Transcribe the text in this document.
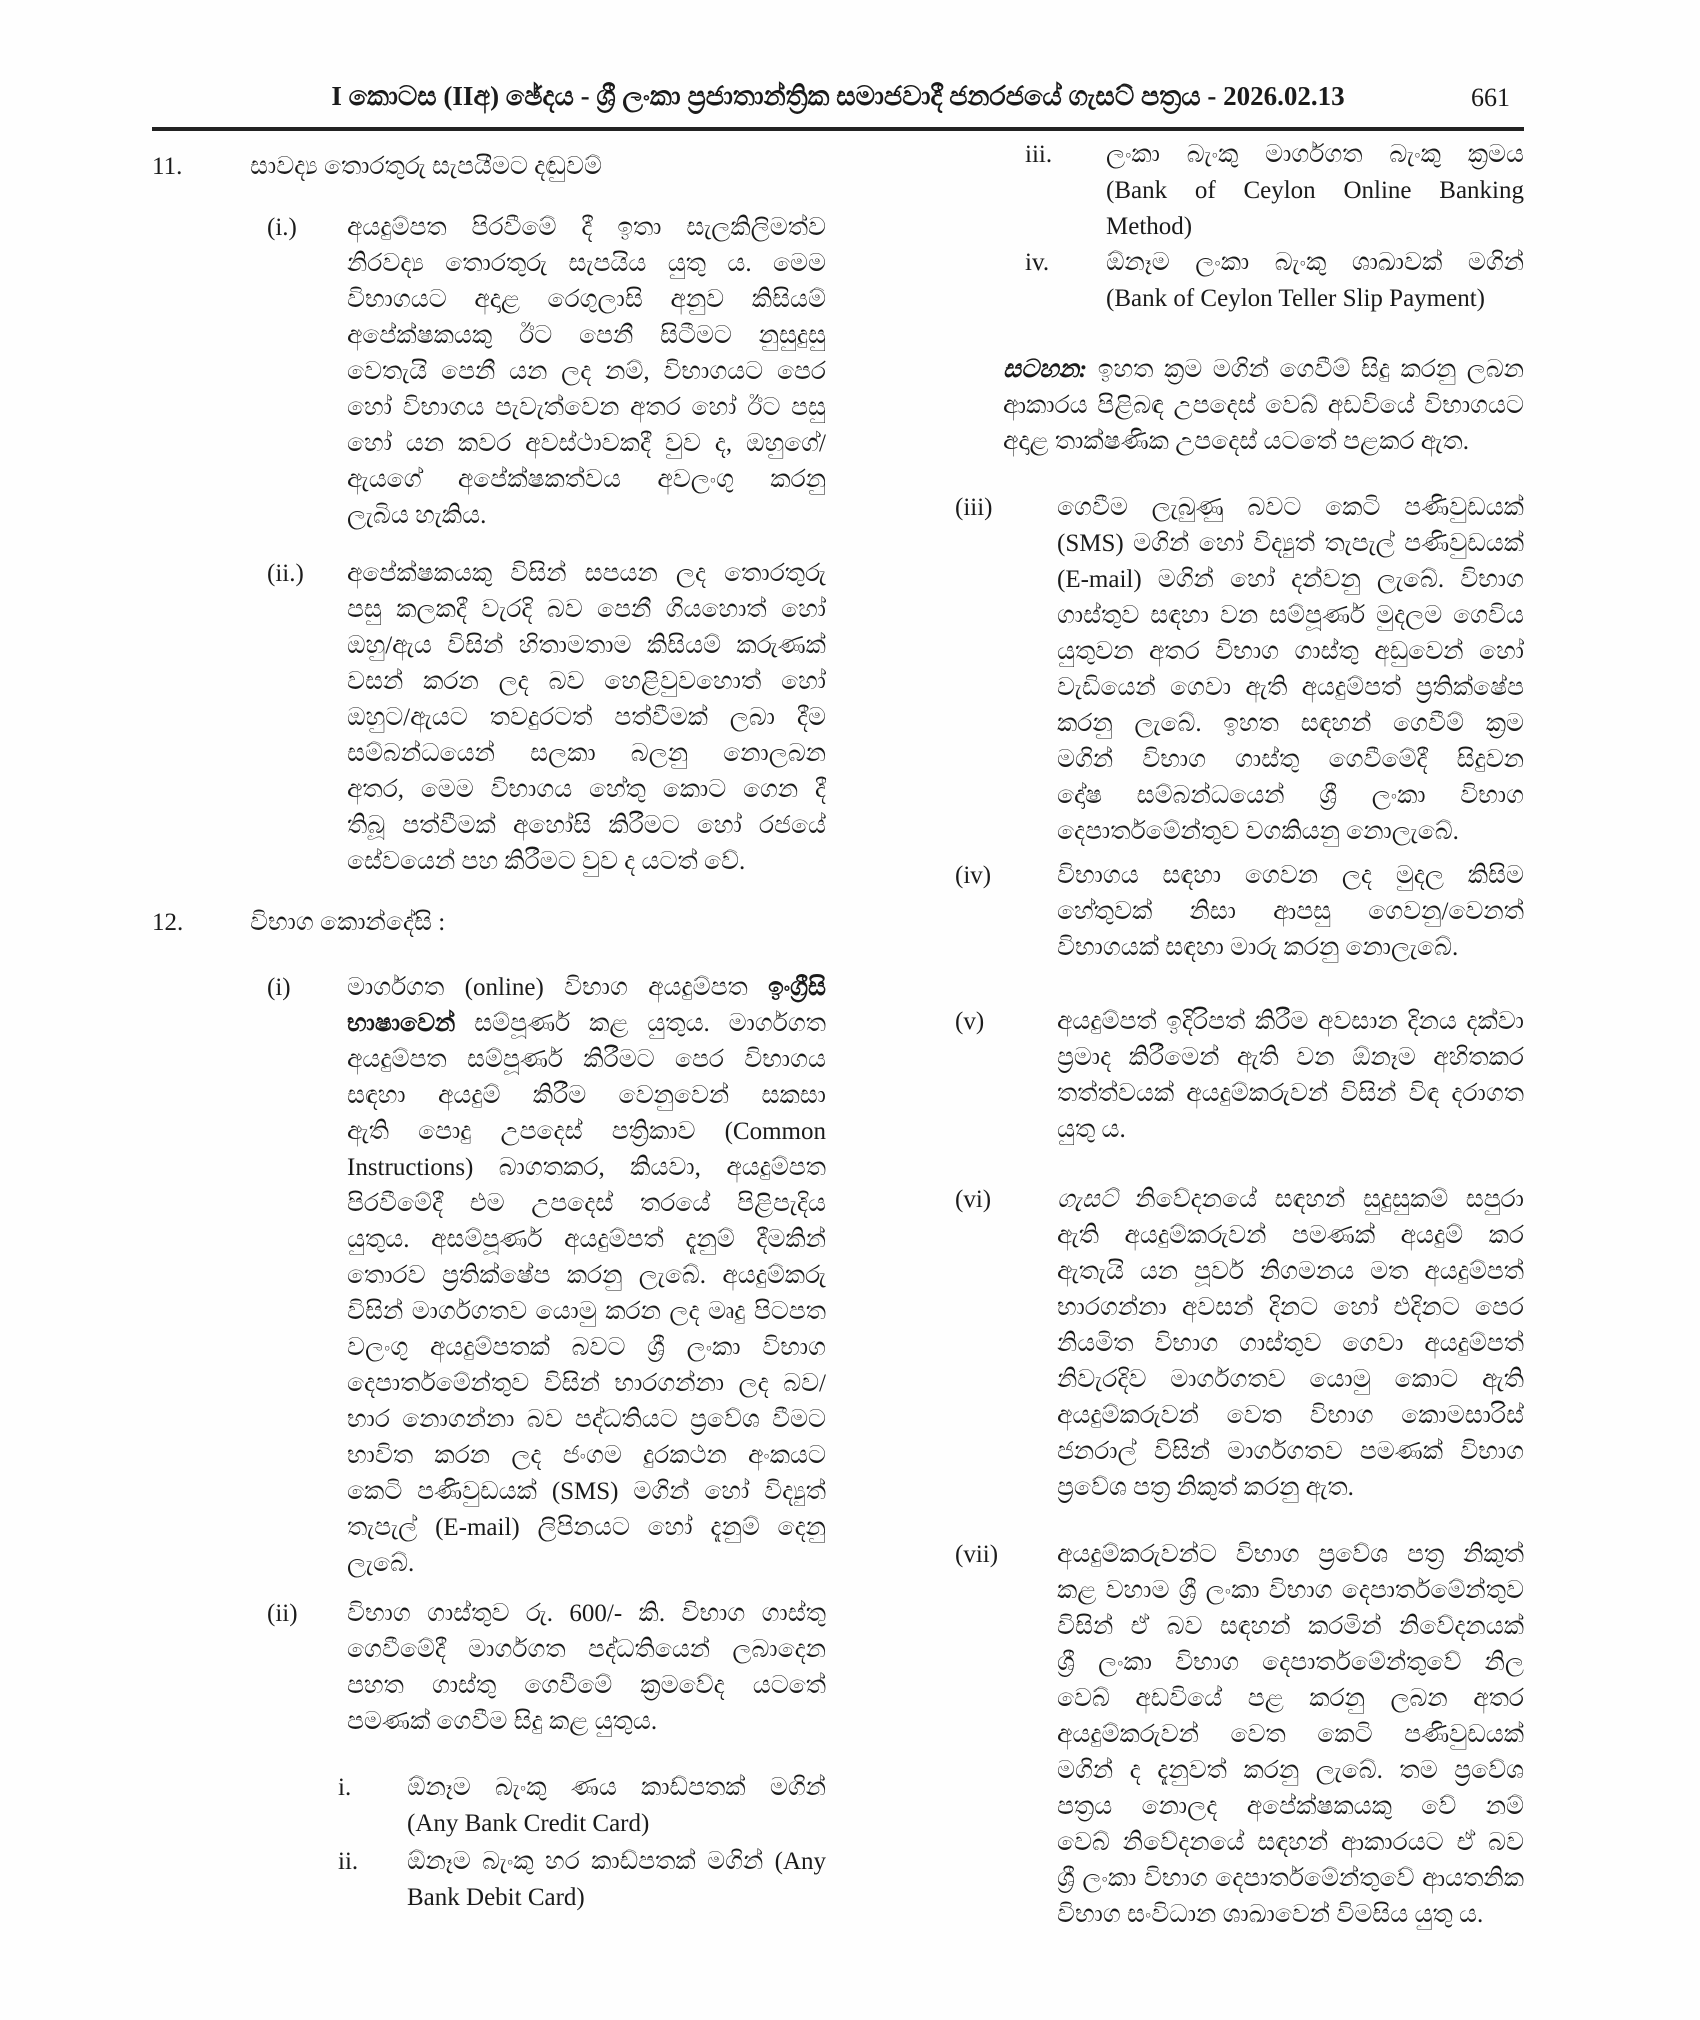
I කොටස (IIඅ) ඡේදය - ශ්‍රී ලංකා ප්‍රජාතාන්ත්‍රික සමාජවාදී ජනරජයේ ගැසට් පත්‍රය - 2026.02.13	661
11.	සාවද්‍ය තොරතුරු සැපයීමට දඬුවම්
(i.) අයදුම්පත පිරවීමේ දී ඉතා සැලකිලිමත්ව
නිරවද්‍ය තොරතුරු සැපයිය යුතු ය. මෙම
විභාගයට අදාළ රෙගුලාසි අනුව කිසියම්
අපේක්ෂකයකු ඊට පෙනී සිටීමට නුසුදුසු
වෙතැයි පෙනී යන ලද නම්, විභාගයට පෙර
හෝ විභාගය පැවැත්වෙන අතර හෝ ඊට පසු
හෝ යන කවර අවස්ථාවකදී වුව ද, ඔහුගේ/
ඇයගේ අපේක්ෂකත්වය අවලංගු කරනු
ලැබිය හැකිය.
(ii.) අපේක්ෂකයකු විසින් සපයන ලද තොරතුරු
පසු කලකදී වැරදි බව පෙනී ගියහොත් හෝ
ඔහු/ඇය විසින් හිතාමතාම කිසියම් කරුණක්
වසන් කරන ලද බව හෙළිවුවහොත් හෝ
ඔහුට/ඇයට තවදුරටත් පත්වීමක් ලබා දීම
සම්බන්ධයෙන් සලකා බලනු නොලබන
අතර, මෙම විභාගය හේතු කොට ගෙන දී
තිබූ පත්වීමක් අහෝසි කිරීමට හෝ රජයේ
සේවයෙන් පහ කිරීමට වුව ද යටත් වේ.
12.	විභාග කොන්දේසි :
(i) මාර්ගගත (online) විභාග අයදුම්පත ඉංග්‍රීසි
භාෂාවෙන් සම්පූර්ණ කළ යුතුය. මාර්ගගත
අයදුම්පත සම්පූර්ණ කිරීමට පෙර විභාගය
සඳහා අයදුම් කිරීම වෙනුවෙන් සකසා
ඇති පොදු උපදෙස් පත්‍රිකාව (Common
Instructions) බාගතකර, කියවා, අයදුම්පත
පිරවීමේදී එම උපදෙස් තරයේ පිළිපැදිය
යුතුය. අසම්පූර්ණ අයදුම්පත් දැනුම් දීමකින්
තොරව ප්‍රතික්ෂේප කරනු ලැබේ. අයදුම්කරු
විසින් මාර්ගගතව යොමු කරන ලද මෘදු පිටපත
වලංගු අයදුම්පතක් බවට ශ්‍රී ලංකා විභාග
දෙපාර්තමේන්තුව විසින් භාරගන්නා ලද බව/
භාර නොගන්නා බව පද්ධතියට ප්‍රවේශ වීමට
භාවිත කරන ලද ජංගම දුරකථන අංකයට
කෙටි පණිවුඩයක් (SMS) මගින් හෝ විද්‍යුත්
තැපැල් (E-mail) ලිපිනයට හෝ දැනුම් දෙනු
ලැබේ.
(ii) විභාග ගාස්තුව රු. 600/- කි. විභාග ගාස්තු
ගෙවීමේදී මාර්ගගත පද්ධතියෙන් ලබාදෙන
පහත ගාස්තු ගෙවීමේ ක්‍රමවේද යටතේ
පමණක් ගෙවීම සිදු කළ යුතුය.
i. ඕනෑම බැංකු ණය කාඩ්පතක් මගින්
(Any Bank Credit Card)
ii. ඕනෑම බැංකු හර කාඩ්පතක් මගින් (Any
Bank Debit Card)
iii. ලංකා බැංකු මාර්ගගත බැංකු ක්‍රමය
(Bank of Ceylon Online Banking
Method)
iv. ඕනෑම ලංකා බැංකු ශාඛාවක් මගින්
(Bank of Ceylon Teller Slip Payment)
සටහන: ඉහත ක්‍රම මගින් ගෙවීම් සිදු කරනු ලබන
ආකාරය පිළිබඳ උපදෙස් වෙබ් අඩවියේ විභාගයට
අදාළ තාක්ෂණික උපදෙස් යටතේ පළකර ඇත.
(iii)	ගෙවීම ලැබුණු බවට කෙටි පණිවුඩයක්
(SMS) මගින් හෝ විද්‍යුත් තැපැල් පණිවුඩයක්
(E-mail) මගින් හෝ දන්වනු ලැබේ. විභාග
ගාස්තුව සඳහා වන සම්පූර්ණ මුදලම ගෙවිය
යුතුවන අතර විභාග ගාස්තු අඩුවෙන් හෝ
වැඩියෙන් ගෙවා ඇති අයදුම්පත් ප්‍රතික්ෂේප
කරනු ලැබේ. ඉහත සඳහන් ගෙවීම් ක්‍රම
මගින් විභාග ගාස්තු ගෙවීමේදී සිදුවන
දෝෂ සම්බන්ධයෙන් ශ්‍රී ලංකා විභාග
දෙපාර්තමේන්තුව වගකියනු නොලැබේ.
(iv)	විභාගය සඳහා ගෙවන ලද මුදල කිසිම
හේතුවක් නිසා ආපසු ගෙවනු/වෙනත්
විභාගයක් සඳහා මාරු කරනු නොලැබේ.
(v)	අයදුම්පත් ඉදිරිපත් කිරීම අවසාන දිනය දක්වා
ප්‍රමාද කිරීමෙන් ඇති වන ඕනෑම අහිතකර
තත්ත්වයක් අයදුම්කරුවන් විසින් විඳ දරාගත
යුතු ය.
(vi)	ගැසට් නිවේදනයේ සඳහන් සුදුසුකම් සපුරා
ඇති අයදුම්කරුවන් පමණක් අයදුම් කර
ඇතැයි යන පූර්ව නිගමනය මත අයදුම්පත්
භාරගන්නා අවසන් දිනට හෝ එදිනට පෙර
නියමිත විභාග ගාස්තුව ගෙවා අයදුම්පත්
නිවැරදිව මාර්ගගතව යොමු කොට ඇති
අයදුම්කරුවන් වෙත විභාග කොමසාරිස්
ජනරාල් විසින් මාර්ගගතව පමණක් විභාග
ප්‍රවේශ පත්‍ර නිකුත් කරනු ඇත.
(vii) අයදුම්කරුවන්ට විභාග ප්‍රවේශ පත්‍ර නිකුත්
කළ වහාම ශ්‍රී ලංකා විභාග දෙපාර්තමේන්තුව
විසින් ඒ බව සඳහන් කරමින් නිවේදනයක්
ශ්‍රී ලංකා විභාග දෙපාර්තමේන්තුවේ නිල
වෙබ් අඩවියේ පළ කරනු ලබන අතර
අයදුම්කරුවන් වෙත කෙටි පණිවුඩයක්
මගින් ද දැනුවත් කරනු ලැබේ. තම ප්‍රවේශ
පත්‍රය නොලද අපේක්ෂකයකු වේ නම්
වෙබ් නිවේදනයේ සඳහන් ආකාරයට ඒ බව
ශ්‍රී ලංකා විභාග දෙපාර්තමේන්තුවේ ආයතනික
විභාග සංවිධාන ශාඛාවෙන් විමසිය යුතු ය.
